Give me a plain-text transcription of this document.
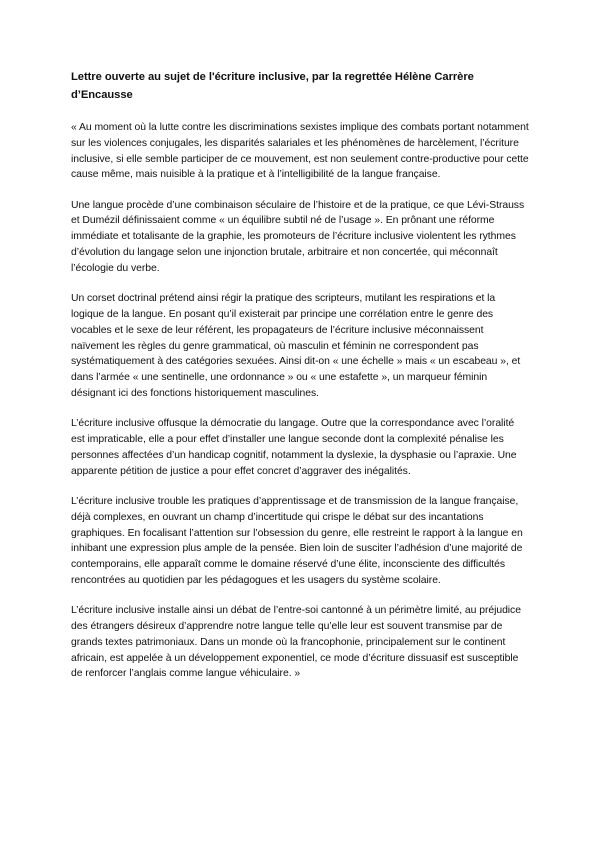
Lettre ouverte au sujet de l'écriture inclusive, par la regrettée Hélène Carrère d’Encausse

« Au moment où la lutte contre les discriminations sexistes implique des combats portant notamment sur les violences conjugales, les disparités salariales et les phénomènes de harcèlement, l’écriture inclusive, si elle semble participer de ce mouvement, est non seulement contre-productive pour cette cause même, mais nuisible à la pratique et à l’intelligibilité de la langue française.

Une langue procède d’une combinaison séculaire de l’histoire et de la pratique, ce que Lévi-Strauss et Dumézil définissaient comme « un équilibre subtil né de l’usage ». En prônant une réforme immédiate et totalisante de la graphie, les promoteurs de l’écriture inclusive violentent les rythmes d’évolution du langage selon une injonction brutale, arbitraire et non concertée, qui méconnaît l’écologie du verbe.

Un corset doctrinal prétend ainsi régir la pratique des scripteurs, mutilant les respirations et la logique de la langue. En posant qu’il existerait par principe une corrélation entre le genre des vocables et le sexe de leur référent, les propagateurs de l’écriture inclusive méconnaissent naïvement les règles du genre grammatical, où masculin et féminin ne correspondent pas systématiquement à des catégories sexuées. Ainsi dit-on « une échelle » mais « un escabeau », et dans l’armée « une sentinelle, une ordonnance » ou « une estafette », un marqueur féminin désignant ici des fonctions historiquement masculines.

L’écriture inclusive offusque la démocratie du langage. Outre que la correspondance avec l’oralité est impraticable, elle a pour effet d’installer une langue seconde dont la complexité pénalise les personnes affectées d’un handicap cognitif, notamment la dyslexie, la dysphasie ou l’apraxie. Une apparente pétition de justice a pour effet concret d’aggraver des inégalités.

L’écriture inclusive trouble les pratiques d’apprentissage et de transmission de la langue française, déjà complexes, en ouvrant un champ d’incertitude qui crispe le débat sur des incantations graphiques. En focalisant l’attention sur l’obsession du genre, elle restreint le rapport à la langue en inhibant une expression plus ample de la pensée. Bien loin de susciter l’adhésion d’une majorité de contemporains, elle apparaît comme le domaine réservé d’une élite, inconsciente des difficultés rencontrées au quotidien par les pédagogues et les usagers du système scolaire.

L’écriture inclusive installe ainsi un débat de l’entre-soi cantonné à un périmètre limité, au préjudice des étrangers désireux d’apprendre notre langue telle qu’elle leur est souvent transmise par de grands textes patrimoniaux. Dans un monde où la francophonie, principalement sur le continent africain, est appelée à un développement exponentiel, ce mode d’écriture dissuasif est susceptible de renforcer l’anglais comme langue véhiculaire. »
